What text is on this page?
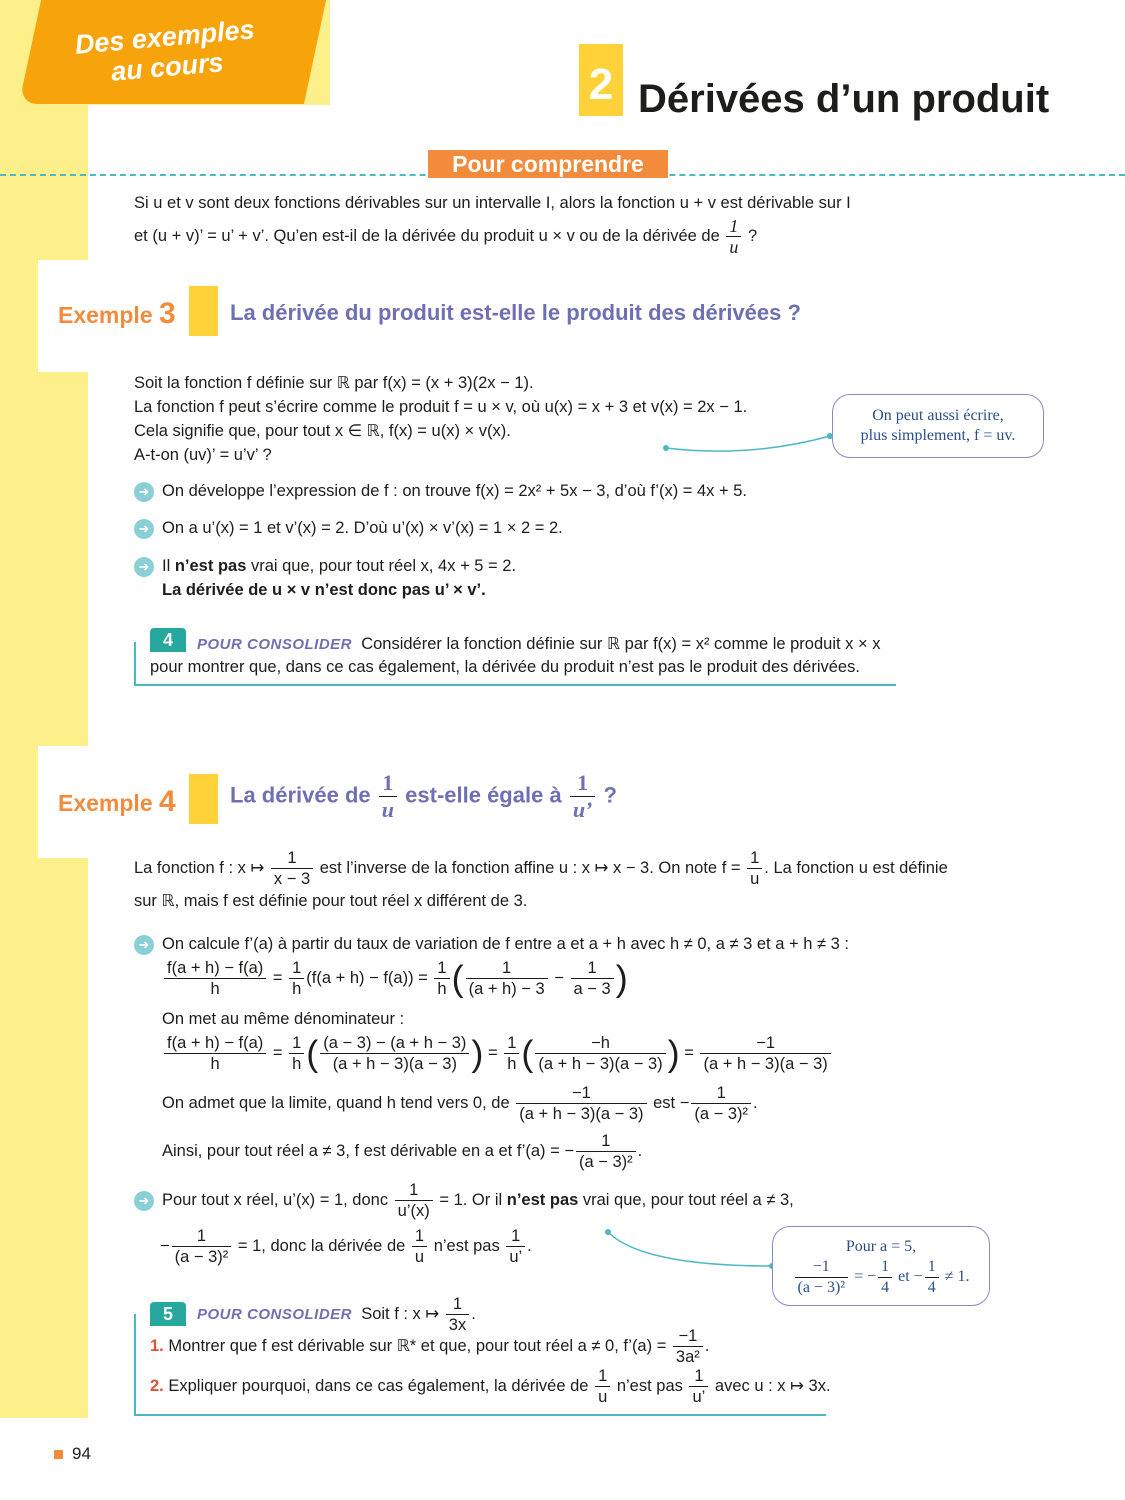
Des exemples au cours	2 Dérivées d’un produit
Pour comprendre
Si u et v sont deux fonctions dérivables sur un intervalle I, alors la fonction u + v est dérivable sur I
et (u + v)’ = u’ + v’. Qu’en est-il de la dérivée du produit u × v ou de la dérivée de $\frac{1}{u}$ ?
Exemple 3 La dérivée du produit est-elle le produit des dérivées ?
Soit la fonction f définie sur ℝ par f(x) = (x + 3)(2x − 1).
La fonction f peut s’écrire comme le produit f = u × v, où u(x) = x + 3 et v(x) = 2x − 1.
Cela signifie que, pour tout x ∈ ℝ, f(x) = u(x) × v(x).
A-t-on (uv)’ = u’v’ ?
On peut aussi écrire,
plus simplement, f = uv.
➜ On développe l’expression de f : on trouve f(x) = 2x² + 5x − 3, d’où f’(x) = 4x + 5.
➜ On a u’(x) = 1 et v’(x) = 2. D’où u’(x) × v’(x) = 1 × 2 = 2.
➜ Il n’est pas vrai que, pour tout réel x, 4x + 5 = 2.
La dérivée de u × v n’est donc pas u’ × v’.
4	POUR CONSOLIDER Considérer la fonction définie sur ℝ par f(x) = x² comme le produit x × x
pour montrer que, dans ce cas également, la dérivée du produit n’est pas le produit des dérivées.
Exemple 4 La dérivée de $\frac{1}{u}$ est-elle égale à $\frac{1}{u’}$ ?
La fonction f : x ↦ $\frac{1}{x - 3}$ est l’inverse de la fonction affine u : x ↦ x − 3. On note $f = \frac{1}{u}$ . La fonction u est définie
sur ℝ, mais f est définie pour tout réel x différent de 3.
➜ On calcule f’(a) à partir du taux de variation de f entre a et a + h avec h ≠ 0, a ≠ 3 et a + h ≠ 3 :
$\frac{f(a + h) - f(a)}{h} = \frac{1}{h} (f(a + h) - f(a)) = \frac{1}{h}$ ( $\frac{1}{(a + h) - 3} - \frac{1}{a - 3}$ )
On met au même dénominateur :
$\frac{f(a + h) - f(a)}{h} = \frac{1}{h}$ ( $\frac{(a - 3) - (a + h - 3)}{(a + h - 3)(a - 3)}$ ) = $\frac{1}{h}$ ( $\frac{-h}{(a + h - 3)(a - 3)}$ ) = $\frac{-1}{(a + h - 3)(a - 3)}$
On admet que la limite, quand h tend vers 0, de $\frac{-1}{(a + h - 3)(a - 3)}$ est − $\frac{1}{\text{(a − 3)²}}$ .
Ainsi, pour tout réel a ≠ 3, f est dérivable en a et f’(a) = − $\frac{1}{\text{(a − 3)²}}$ .
➜ Pour tout x réel, u’(x) = 1, donc $\frac{1}{u’(x)} = 1$. Or il n’est pas vrai que, pour tout réel a ≠ 3,
− $\frac{1}{\text{(a − 3)²}} = 1$, donc la dérivée de $\frac{1}{u}$ n’est pas $\frac{1}{u’}$ .	Pour a = 5,
$\frac{-1}{\text{(a − 3)²}}$ = − $\frac{1}{4}$ et − $\frac{1}{4} \ne 1$.
5	POUR CONSOLIDER Soit f : x ↦ $\frac{1}{3x}$ .
1. Montrer que f est dérivable sur ℝ* et que, pour tout réel a ≠ 0, f’(a) = $\frac{-1}{\text{3a²}}$ .
2. Expliquer pourquoi, dans ce cas également, la dérivée de $\frac{1}{u}$ n’est pas $\frac{1}{u’}$ avec u : x ↦ 3x.
94
